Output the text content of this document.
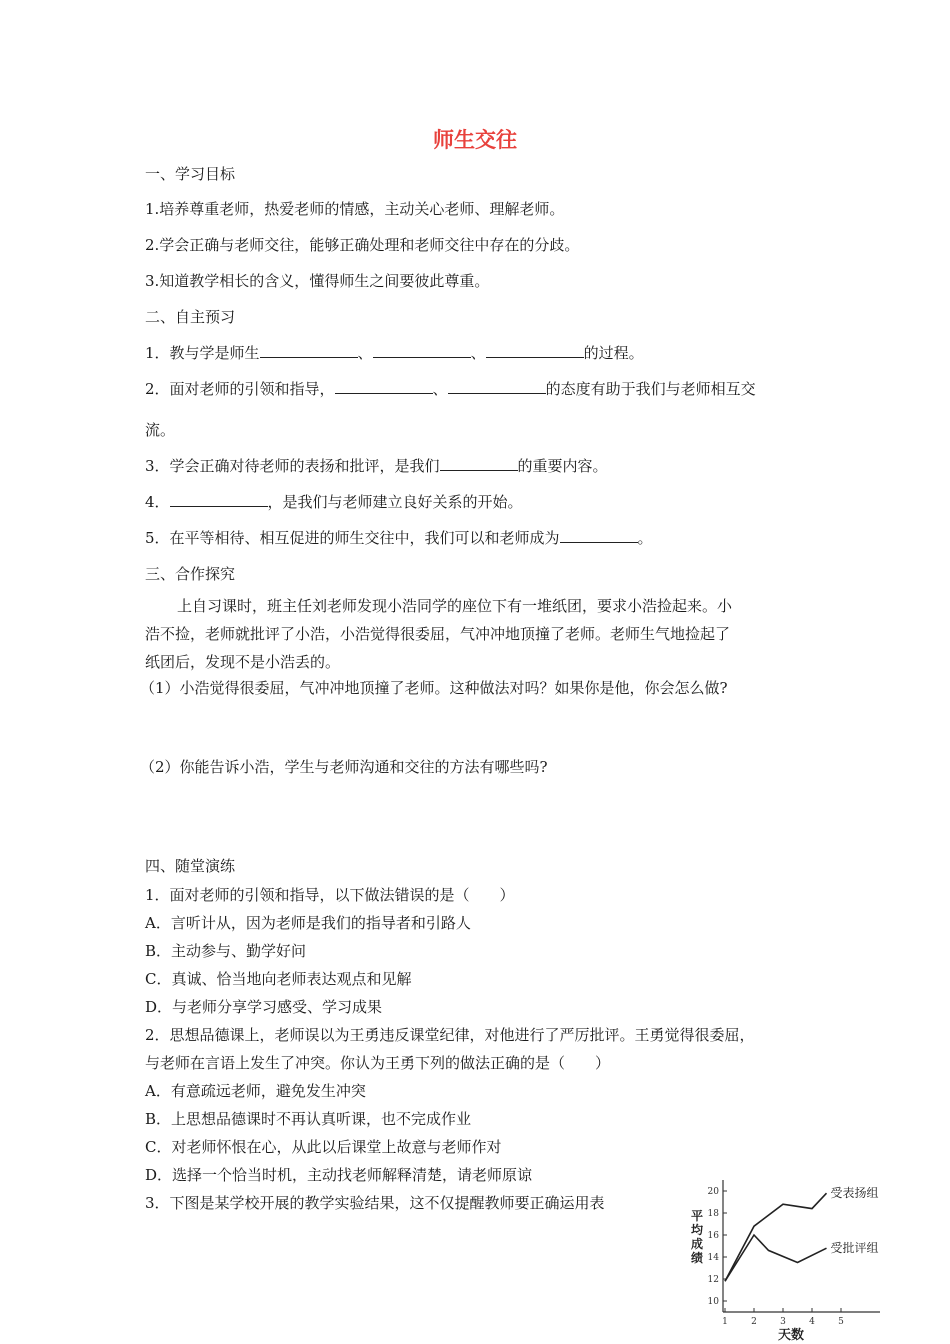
师生交往
一、学习目标
1.培养尊重老师，热爱老师的情感，主动关心老师、理解老师。
2.学会正确与老师交往，能够正确处理和老师交往中存在的分歧。
3.知道教学相长的含义，懂得师生之间要彼此尊重。
二、自主预习
1．教与学是师生	、	、	的过程。
2．面对老师的引领和指导，	、	的态度有助于我们与老师相互交
流。
3．学会正确对待老师的表扬和批评，是我们	的重要内容。
4．	，是我们与老师建立良好关系的开始。
5．在平等相待、相互促进的师生交往中，我们可以和老师成为	。
三、合作探究
上自习课时，班主任刘老师发现小浩同学的座位下有一堆纸团，要求小浩捡起来。小
浩不捡，老师就批评了小浩，小浩觉得很委屈，气冲冲地顶撞了老师。老师生气地捡起了
纸团后，发现不是小浩丢的。
（1）小浩觉得很委屈，气冲冲地顶撞了老师。这种做法对吗？如果你是他，你会怎么做?
（2）你能告诉小浩，学生与老师沟通和交往的方法有哪些吗?
四、随堂演练
1．面对老师的引领和指导，以下做法错误的是（　　）
A．言听计从，因为老师是我们的指导者和引路人
B．主动参与、勤学好问
C．真诚、恰当地向老师表达观点和见解
D．与老师分享学习感受、学习成果
2．思想品德课上，老师误以为王勇违反课堂纪律，对他进行了严厉批评。王勇觉得很委屈，
与老师在言语上发生了冲突。你认为王勇下列的做法正确的是（　　）
A．有意疏远老师，避免发生冲突
B．上思想品德课时不再认真听课，也不完成作业
C．对老师怀恨在心，从此以后课堂上故意与老师作对
D．选择一个恰当时机，主动找老师解释清楚，请老师原谅
3．下图是某学校开展的教学实验结果，这不仅提醒教师要正确运用表
10
12
14
16
18
20
1	2	3	4	5
平
均
成
绩
天数
受表扬组
受批评组
